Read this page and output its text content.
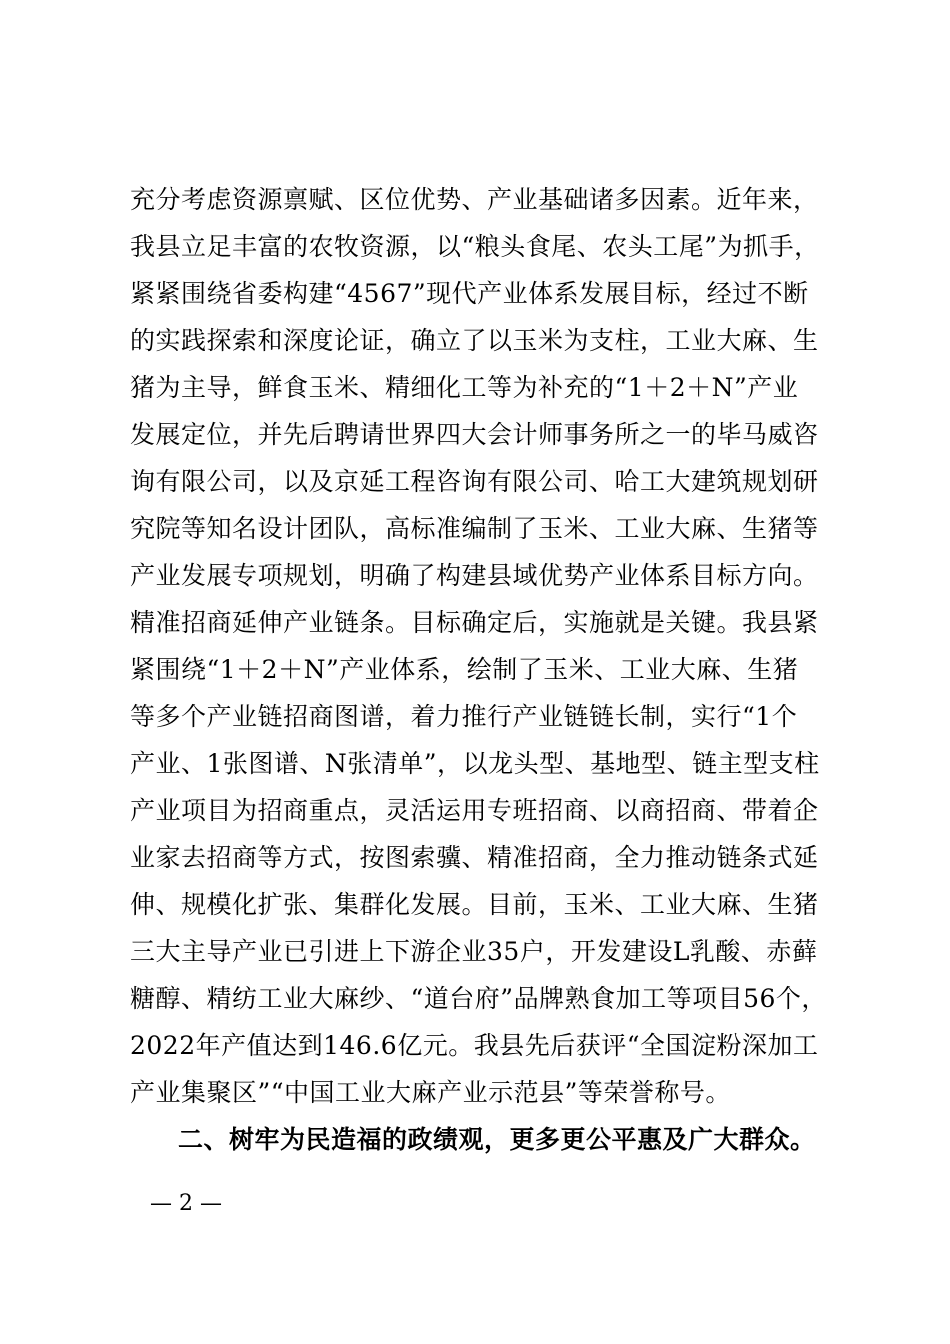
充分考虑资源禀赋、区位优势、产业基础诸多因素。近年来，
我县立足丰富的农牧资源，以“粮头食尾、农头工尾”为抓手，
紧紧围绕省委构建“4567”现代产业体系发展目标，经过不断
的实践探索和深度论证，确立了以玉米为支柱，工业大麻、生
猪为主导，鲜食玉米、精细化工等为补充的“1＋2＋N”产业
发展定位，并先后聘请世界四大会计师事务所之一的毕马威咨
询有限公司，以及京延工程咨询有限公司、哈工大建筑规划研
究院等知名设计团队，高标准编制了玉米、工业大麻、生猪等
产业发展专项规划，明确了构建县域优势产业体系目标方向。
精准招商延伸产业链条。目标确定后，实施就是关键。我县紧
紧围绕“1＋2＋N”产业体系，绘制了玉米、工业大麻、生猪
等多个产业链招商图谱，着力推行产业链链长制，实行“1个
产业、1张图谱、N张清单”，以龙头型、基地型、链主型支柱
产业项目为招商重点，灵活运用专班招商、以商招商、带着企
业家去招商等方式，按图索骥、精准招商，全力推动链条式延
伸、规模化扩张、集群化发展。目前，玉米、工业大麻、生猪
三大主导产业已引进上下游企业35户，开发建设L乳酸、赤藓
糖醇、精纺工业大麻纱、“道台府”品牌熟食加工等项目56个，
2022年产值达到146.6亿元。我县先后获评“全国淀粉深加工
产业集聚区”“中国工业大麻产业示范县”等荣誉称号。
二、树牢为民造福的政绩观，更多更公平惠及广大群众。
— 2 —
